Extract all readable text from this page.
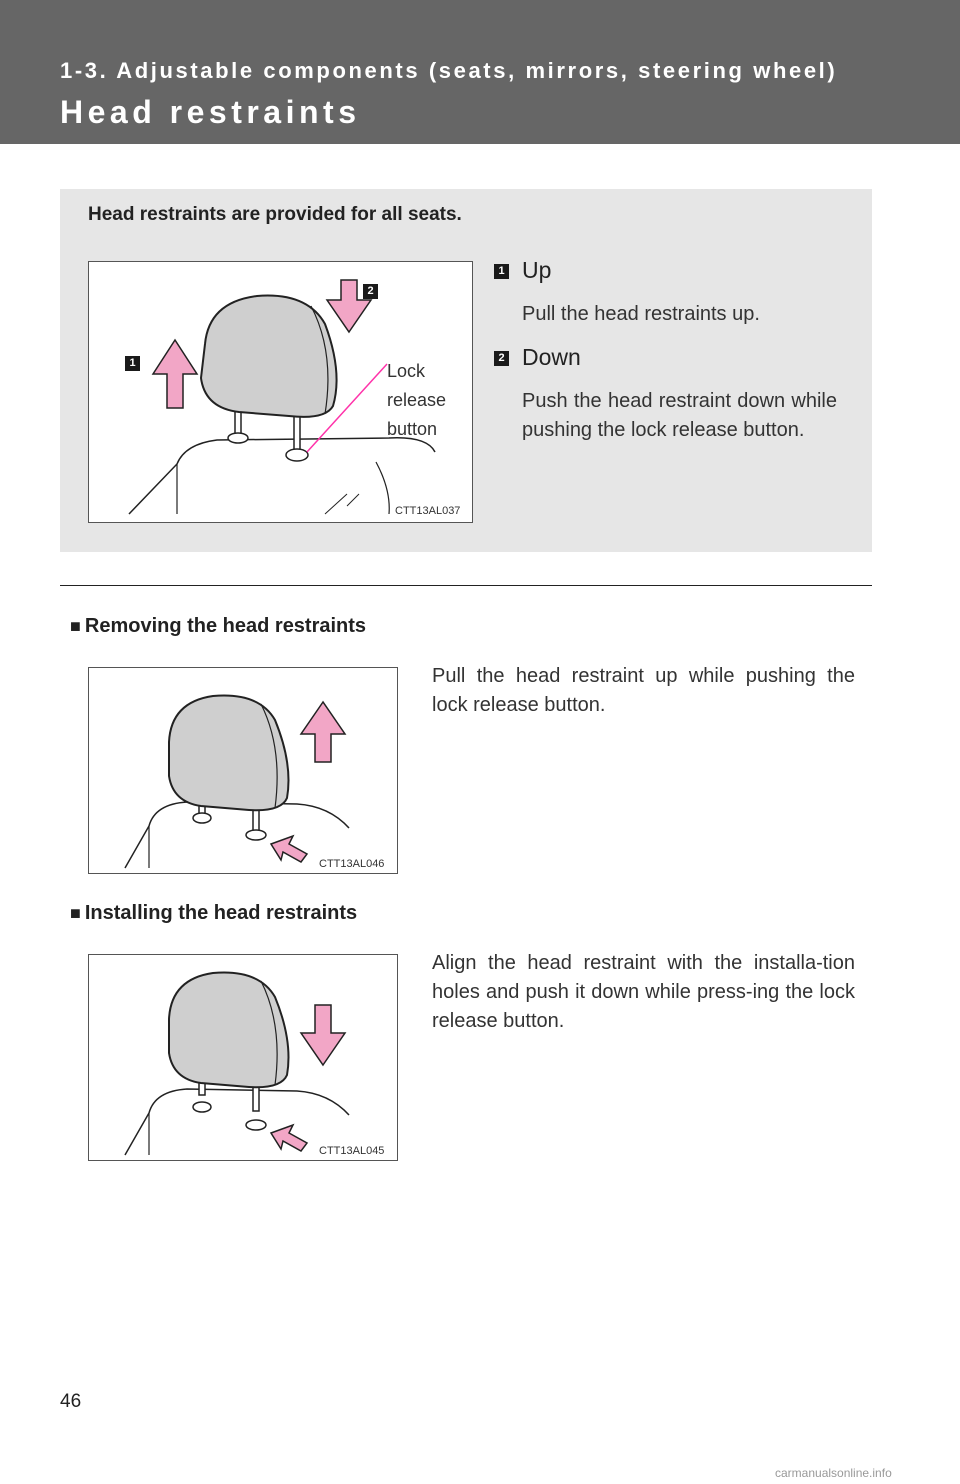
1-3. Adjustable components (seats, mirrors, steering wheel)
Head restraints
Head restraints are provided for all seats.
1
2
Lock
release
button
CTT13AL037
1 Up
Pull the head restraints up.
2 Down
Push the head restraint down while pushing the lock release button.
■ Removing the head restraints
CTT13AL046
Pull the head restraint up while pushing the lock release button.
■ Installing the head restraints
CTT13AL045
Align the head restraint with the installa-tion holes and push it down while press-ing the lock release button.
46
carmanualsonline.info
